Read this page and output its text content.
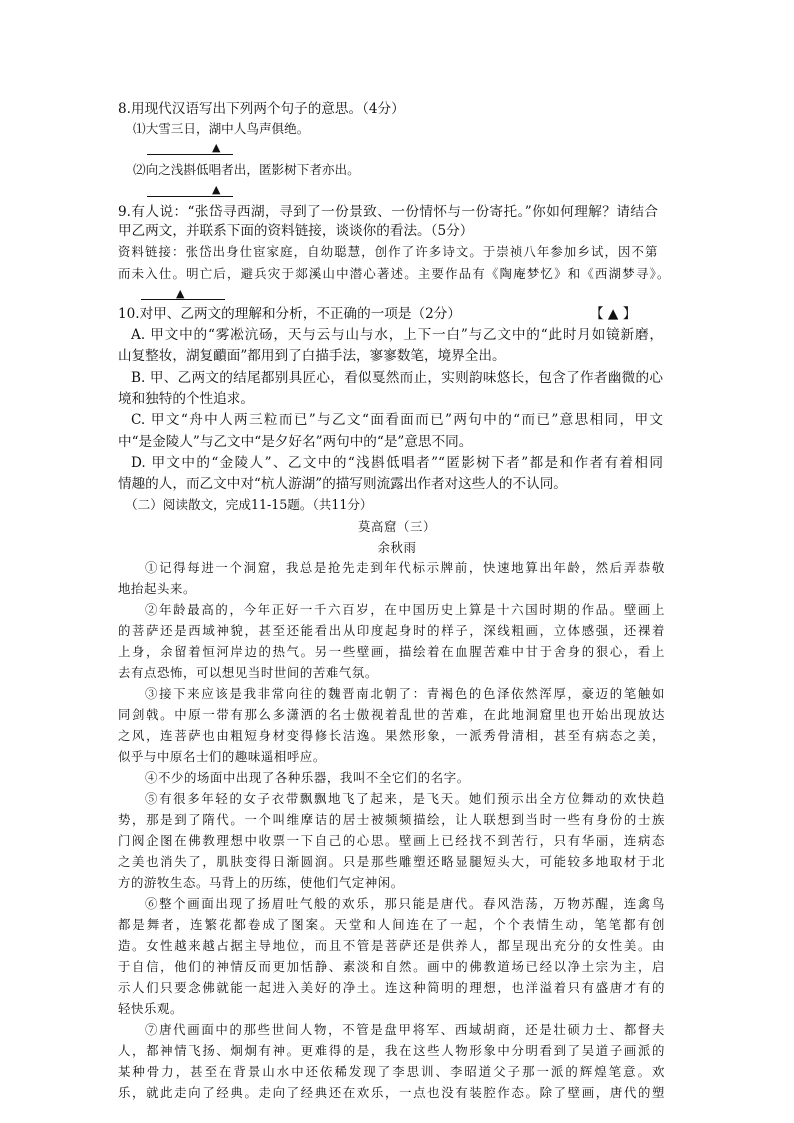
8.用现代汉语写出下列两个句子的意思。（4分）
⑴大雪三日，湖中人鸟声俱绝。
▲
⑵向之浅斟低唱者出，匿影树下者亦出。
▲
9.有人说：“张岱寻西湖，寻到了一份景致、一份情怀与一份寄托。”你如何理解？请结合
甲乙两文，并联系下面的资料链接，谈谈你的看法。（5分）
资料链接：张岱出身仕宦家庭，自幼聪慧，创作了许多诗文。于崇祯八年参加乡试，因不第
而未入仕。明亡后，避兵灾于郯溪山中潜心著述。主要作品有《陶庵梦忆》和《西湖梦寻》。
▲
10.对甲、乙两文的理解和分析，不正确的一项是（2分）	【 ▲ 】
A. 甲文中的“雾凇沆砀，天与云与山与水，上下一白”与乙文中的“此时月如镜新磨，
山复整妆，湖复靧面”都用到了白描手法，寥寥数笔，境界全出。
B. 甲、乙两文的结尾都别具匠心，看似戛然而止，实则韵味悠长，包含了作者幽微的心
境和独特的个性追求。
C. 甲文“舟中人两三粒而已”与乙文“面看面而已”两句中的“而已”意思相同，甲文
中“是金陵人”与乙文中“是夕好名”两句中的“是”意思不同。
D. 甲文中的“金陵人”、乙文中的“浅斟低唱者”“匿影树下者”都是和作者有着相同
情趣的人，而乙文中对“杭人游湖”的描写则流露出作者对这些人的不认同。
（二）阅读散文，完成11-15题。（共11分）
莫高窟（三）
余秋雨
①记得每进一个洞窟，我总是抢先走到年代标示牌前，快速地算出年龄，然后弄恭敬
地抬起头来。
②年龄最高的，今年正好一千六百岁，在中国历史上算是十六国时期的作品。壁画上
的菩萨还是西域神貌，甚至还能看出从印度起身时的样子，深线粗画，立体感强，还裸着
上身，余留着恒河岸边的热气。另一些壁画，描绘着在血腥苦难中甘于舍身的狠心，看上
去有点恐怖，可以想见当时世间的苦难气氛。
③接下来应该是我非常向往的魏晋南北朝了：青褐色的色泽依然浑厚，豪迈的笔触如
同剑戟。中原一带有那么多潇洒的名士傲视着乱世的苦难，在此地洞窟里也开始出现放达
之风，连菩萨也由粗短身材变得修长洁逸。果然形象，一派秀骨清相，甚至有病态之美，
似乎与中原名士们的趣味遥相呼应。
④不少的场面中出现了各种乐器，我叫不全它们的名字。
⑤有很多年轻的女子衣带飘飘地飞了起来，是飞天。她们预示出全方位舞动的欢快趋
势，那是到了隋代。一个叫维摩诘的居士被频频描绘，让人联想到当时一些有身份的士族
门阀企图在佛教理想中收票一下自己的心思。壁画上已经找不到苦行，只有华丽，连病态
之美也消失了，肌肤变得日渐圆润。只是那些雕塑还略显腿短头大，可能较多地取材于北
方的游牧生态。马背上的历练，使他们气定神闲。
⑥整个画面出现了扬眉吐气般的欢乐，那只能是唐代。春风浩荡，万物苏醒，连禽鸟
都是舞者，连繁花都卷成了图案。天堂和人间连在了一起，个个表情生动，笔笔都有创
造。女性越来越占据主导地位，而且不管是菩萨还是供养人，都呈现出充分的女性美。由
于自信，他们的神情反而更加恬静、素淡和自然。画中的佛教道场已经以净土宗为主，启
示人们只要念佛就能一起进入美好的净土。连这种简明的理想，也洋溢着只有盛唐才有的
轻快乐观。
⑦唐代画面中的那些世间人物，不管是盘甲将军、西域胡商，还是壮硕力士、都督夫
人，都神情飞扬、炯炯有神。更难得的是，我在这些人物形象中分明看到了吴道子画派的
某种骨力，甚至在背景山水中还依稀发现了李思训、李昭道父子那一派的辉煌笔意。欢
乐，就此走向了经典。走向了经典还在欢乐，一点也没有装腔作态。除了壁画，唐代的塑
